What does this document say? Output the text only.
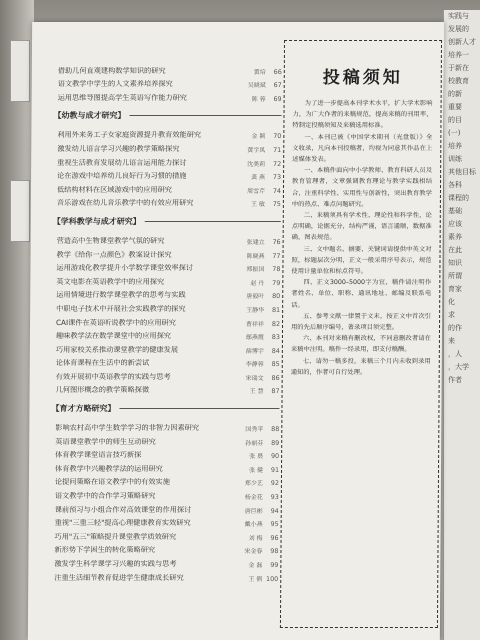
实践与
发展的
创新人才
培养一
于新在
校教育
的新
重要
的目
(一)
培养
训练
其他目标
各科
课程的
基础
应该
素养
在此
知识
所谓
育家
化
求
的作
来
，人
，大学
作者
借助几何直观建构数学知识的研究	黄培	66
语文教学中学生的人文素养培养探究	吴晓斌	67
运用思维导图提高学生英语写作能力研究	陈 蓉	69
【幼教与成才研究】
利用外来务工子女家庭资源提升教育效能研究	金 颖	70
激发幼儿语言学习兴趣的教学策略探究	黄宇凤	71
重视生活教育发展幼儿语言运用能力探讨	沈美莉	72
论在游戏中培养幼儿良好行为习惯的措施	龚 燕	73
低结构材料在区域游戏中的应用研究	周雪芹	74
音乐游戏在幼儿音乐教学中的有效应用研究	王 敏	75
【学科教学与成才研究】
营造高中生物课堂教学气氛的研究	张建立	76
教学《给你一点颜色》教案设计探究	陈晓燕	77
运用游戏化教学提升小学数学课堂效率探讨	郑振国	78
英文电影在英语教学中的应用探究	赵 丹	79
运用情境进行数学课堂教学的思考与实践	唐毅叶	80
中职电子技术中开展社会实践教学的探究	王静华	81
CAI课件在英语听说教学中的应用研究	曹祥祥	82
趣味教学法在数学课堂中的应用探究	鄢燕霞	83
巧用家校关系推动课堂教学的健康发展	薛博宇	84
论体育课程在生活中的新尝试	李静蓉	85
有效开展初中英语教学的实践与思考	宋瑞文	86
几何图形概念的教学策略探微	王 慧	87
【育才方略研究】
影响农村高中学生数学学习的非智力因素研究	国秀平	88
英语课堂教学中的师生互动研究	孙丽芬	89
体育教学课堂语言技巧新探	张 晨	90
体育教学中兴趣教学法的运用研究	张 健	91
论提问策略在语文教学中的有效实施	郑少艺	92
语文教学中的合作学习策略研究	杨金花	93
课前预习与小组合作对高效课堂的作用探讨	唐巨彬	94
重视"三重三轻"提高心理健康教育实效研究	戴小燕	95
巧用"五三"策略提升课堂教学质效研究	刘 梅	96
新形势下学困生的转化策略研究	宋金春	98
激发学生科学课学习兴趣的实践与思考	金 磊	99
注重生活细节教育促进学生健康成长研究	王 俐 100
投稿须知

为了进一步提高本刊学术水平，扩大学术影响力，为广大作者的来稿规范，提高来稿的刊用率，特制定投稿须知及来稿选用标准。

一、本刊已被《中国学术期刊（光盘版）》全文收录，凡向本刊投稿者，均视为同意其作品在上述媒体发表。

一、本稿件面向中小学教师、教育科研人员及教育管理者，文章强调教育理论与教学实践相结合，注重科学性、实用性与创新性，突出教育教学中的热点、难点问题研究。

二、来稿须具有学术性、理论性和科学性，论点明确，论据充分，结构严谨，语言通顺，数据准确，图表规范。

三、文中题名、摘要、关键词请提供中英文对照，标题层次分明，正文一般采用序号表示，规范使用计量单位和标点符号。

四、正文3000–5000字为宜，稿件请注明作者姓名、单位、职称、通讯地址、邮编及联系电话。

五、参考文献一律置于文末，按正文中首次引用的先后顺序编号，著录项目须完整。

六、本刊对来稿有删改权，不同意删改者请在来稿中注明。稿件一经录用，即支付稿酬。

七、请勿一稿多投，来稿三个月内未收到录用通知的，作者可自行处理。
